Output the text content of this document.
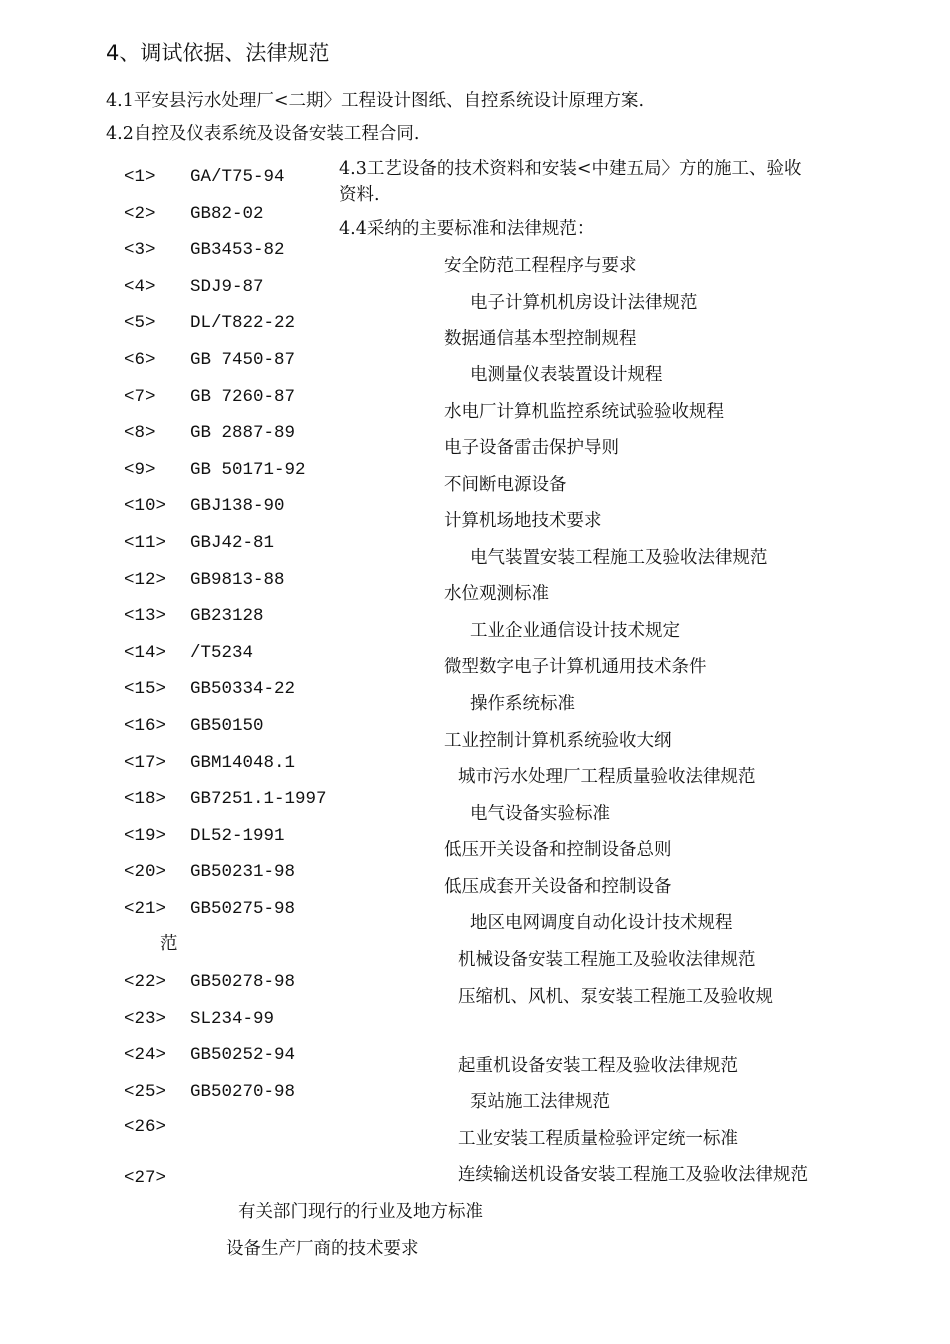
4、调试依据、法律规范
4.1平安县污水处理厂<二期〉工程设计图纸、自控系统设计原理方案.
4.2自控及仪表系统及设备安装工程合同.
4.3工艺设备的技术资料和安装<中建五局〉方的施工、验收
资料.
4.4采纳的主要标准和法律规范：
<1>
<2>
<3>
<4>
<5>
<6>
<7>
<8>
<9>
<10>
<11>
<12>
<13>
<14>
<15>
<16>
<17>
<18>
<19>
<20>
<21>
<22>
<23>
<24>
<25>
<26>
<27>
GA/T75-94
GB82-02
GB3453-82
SDJ9-87
DL/T822-22
GB 7450-87
GB 7260-87
GB 2887-89
GB 50171-92
GBJ138-90
GBJ42-81
GB9813-88
GB23128
/T5234
GB50334-22
GB50150
GBM14048.1
GB7251.1-1997
DL52-1991
GB50231-98
GB50275-98
GB50278-98
SL234-99
GB50252-94
GB50270-98
安全防范工程程序与要求
电子计算机机房设计法律规范
数据通信基本型控制规程
电测量仪表装置设计规程
水电厂计算机监控系统试验验收规程
电子设备雷击保护导则
不间断电源设备
计算机场地技术要求
电气装置安装工程施工及验收法律规范
水位观测标准
工业企业通信设计技术规定
微型数字电子计算机通用技术条件
操作系统标准
工业控制计算机系统验收大纲
城市污水处理厂工程质量验收法律规范
电气设备实验标准
低压开关设备和控制设备总则
低压成套开关设备和控制设备
地区电网调度自动化设计技术规程
机械设备安装工程施工及验收法律规范
压缩机、风机、泵安装工程施工及验收规
起重机设备安装工程及验收法律规范
泵站施工法律规范
工业安装工程质量检验评定统一标准
连续输送机设备安装工程施工及验收法律规范
范
有关部门现行的行业及地方标准
设备生产厂商的技术要求
